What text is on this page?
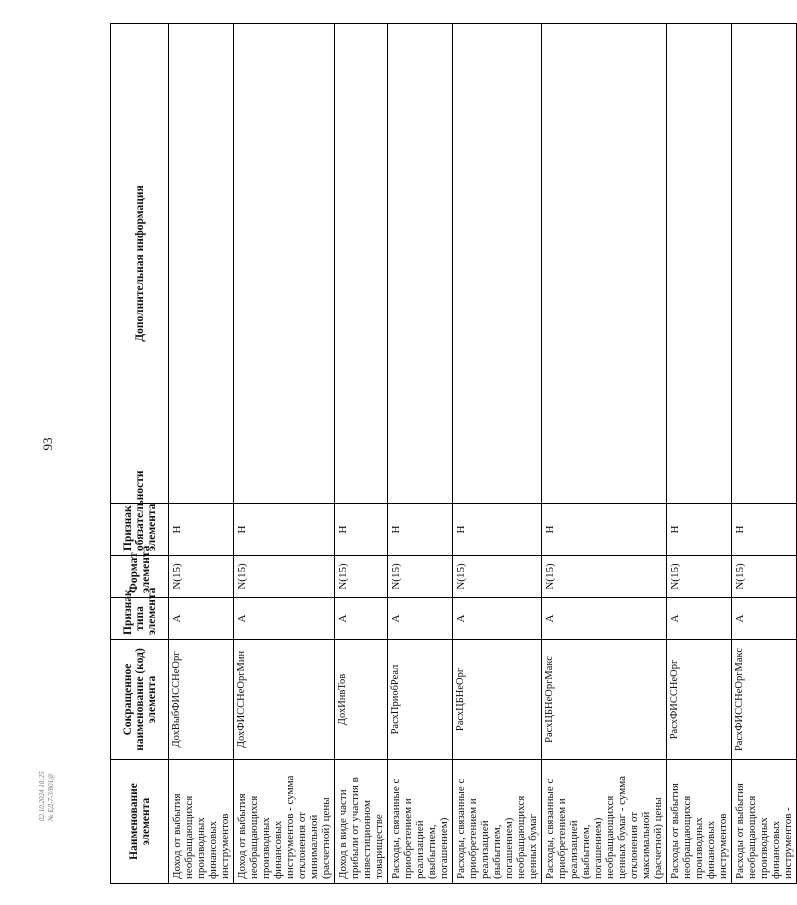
93
02.10.2024 18:25 № ЕД-7-3/801@	Наименование элемента	Сокращенное наименование (код) элемента	Признак типа элемента	Формат элемента	Признак обязательности элемента	Дополнительная информация
Доход от выбытия необращающихся производных финансовых инструментов	ДохВыбФИССНеОрг	А	N(15)	Н	
Доход от выбытия необращающихся производных финансовых инструментов - сумма отклонения от минимальной (расчетной) цены	ДохФИССНеОргМин	А	N(15)	Н	
Доход в виде части прибыли от участия в инвестиционном товариществе	ДохИнвТов	А	N(15)	Н	
Расходы, связанные с приобретением и реализацией (выбытием, погашением)	РасхПриобРеал	А	N(15)	Н	
Расходы, связанные с приобретением и реализацией (выбытием, погашением) необращающихся ценных бумаг	РасхЦБНеОрг	А	N(15)	Н	
Расходы, связанные с приобретением и реализацией (выбытием, погашением) необращающихся ценных бумаг - сумма отклонения от максимальной (расчетной) цены	РасхЦБНеОргМакс	А	N(15)	Н	
Расходы от выбытия необращающихся производных финансовых инструментов	РасхФИССНеОрг	А	N(15)	Н	
Расходы от выбытия необращающихся производных финансовых инструментов -	РасхФИССНеОргМакс	А	N(15)	Н	
